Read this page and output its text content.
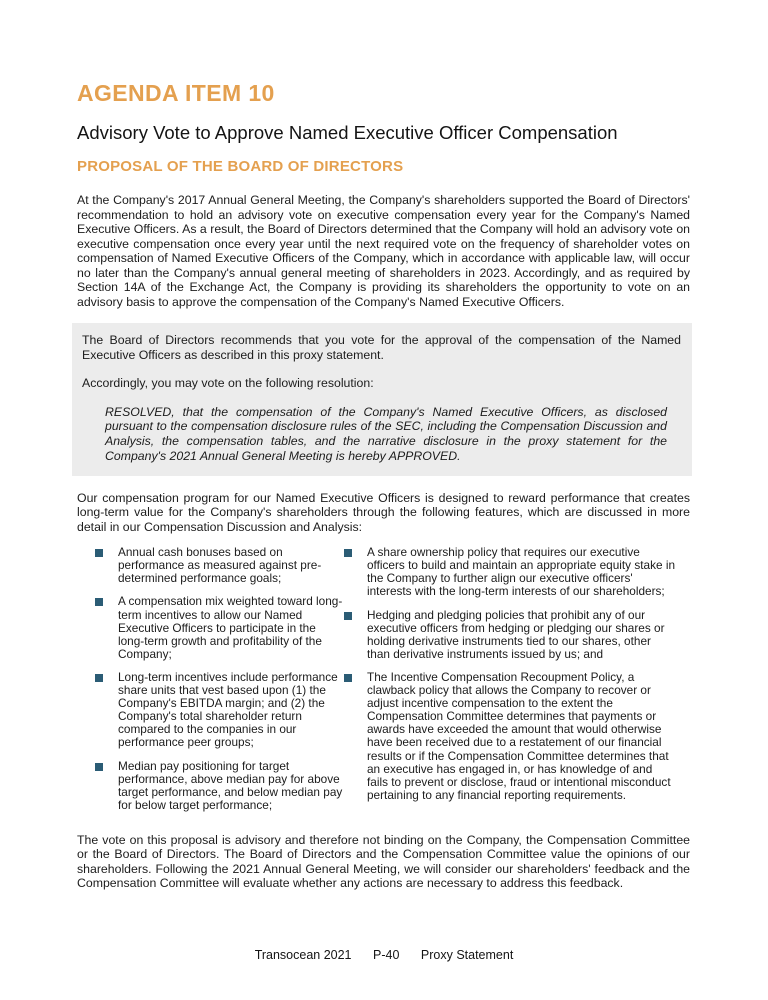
AGENDA ITEM 10
Advisory Vote to Approve Named Executive Officer Compensation
PROPOSAL OF THE BOARD OF DIRECTORS

At the Company's 2017 Annual General Meeting, the Company's shareholders supported the Board of Directors' recommendation to hold an advisory vote on executive compensation every year for the Company's Named Executive Officers. As a result, the Board of Directors determined that the Company will hold an advisory vote on executive compensation once every year until the next required vote on the frequency of shareholder votes on compensation of Named Executive Officers of the Company, which in accordance with applicable law, will occur no later than the Company's annual general meeting of shareholders in 2023. Accordingly, and as required by Section 14A of the Exchange Act, the Company is providing its shareholders the opportunity to vote on an advisory basis to approve the compensation of the Company's Named Executive Officers.

The Board of Directors recommends that you vote for the approval of the compensation of the Named Executive Officers as described in this proxy statement.

Accordingly, you may vote on the following resolution:

RESOLVED, that the compensation of the Company's Named Executive Officers, as disclosed pursuant to the compensation disclosure rules of the SEC, including the Compensation Discussion and Analysis, the compensation tables, and the narrative disclosure in the proxy statement for the Company's 2021 Annual General Meeting is hereby APPROVED.

Our compensation program for our Named Executive Officers is designed to reward performance that creates long-term value for the Company's shareholders through the following features, which are discussed in more detail in our Compensation Discussion and Analysis:

Annual cash bonuses based on performance as measured against pre-determined performance goals;
A compensation mix weighted toward long-term incentives to allow our Named Executive Officers to participate in the long-term growth and profitability of the Company;
Long-term incentives include performance share units that vest based upon (1) the Company's EBITDA margin; and (2) the Company's total shareholder return compared to the companies in our performance peer groups;
Median pay positioning for target performance, above median pay for above target performance, and below median pay for below target performance;
A share ownership policy that requires our executive officers to build and maintain an appropriate equity stake in the Company to further align our executive officers' interests with the long-term interests of our shareholders;
Hedging and pledging policies that prohibit any of our executive officers from hedging or pledging our shares or holding derivative instruments tied to our shares, other than derivative instruments issued by us; and
The Incentive Compensation Recoupment Policy, a clawback policy that allows the Company to recover or adjust incentive compensation to the extent the Compensation Committee determines that payments or awards have exceeded the amount that would otherwise have been received due to a restatement of our financial results or if the Compensation Committee determines that an executive has engaged in, or has knowledge of and fails to prevent or disclose, fraud or intentional misconduct pertaining to any financial reporting requirements.

The vote on this proposal is advisory and therefore not binding on the Company, the Compensation Committee or the Board of Directors. The Board of Directors and the Compensation Committee value the opinions of our shareholders. Following the 2021 Annual General Meeting, we will consider our shareholders' feedback and the Compensation Committee will evaluate whether any actions are necessary to address this feedback.

Transocean 2021 P-40 Proxy Statement
